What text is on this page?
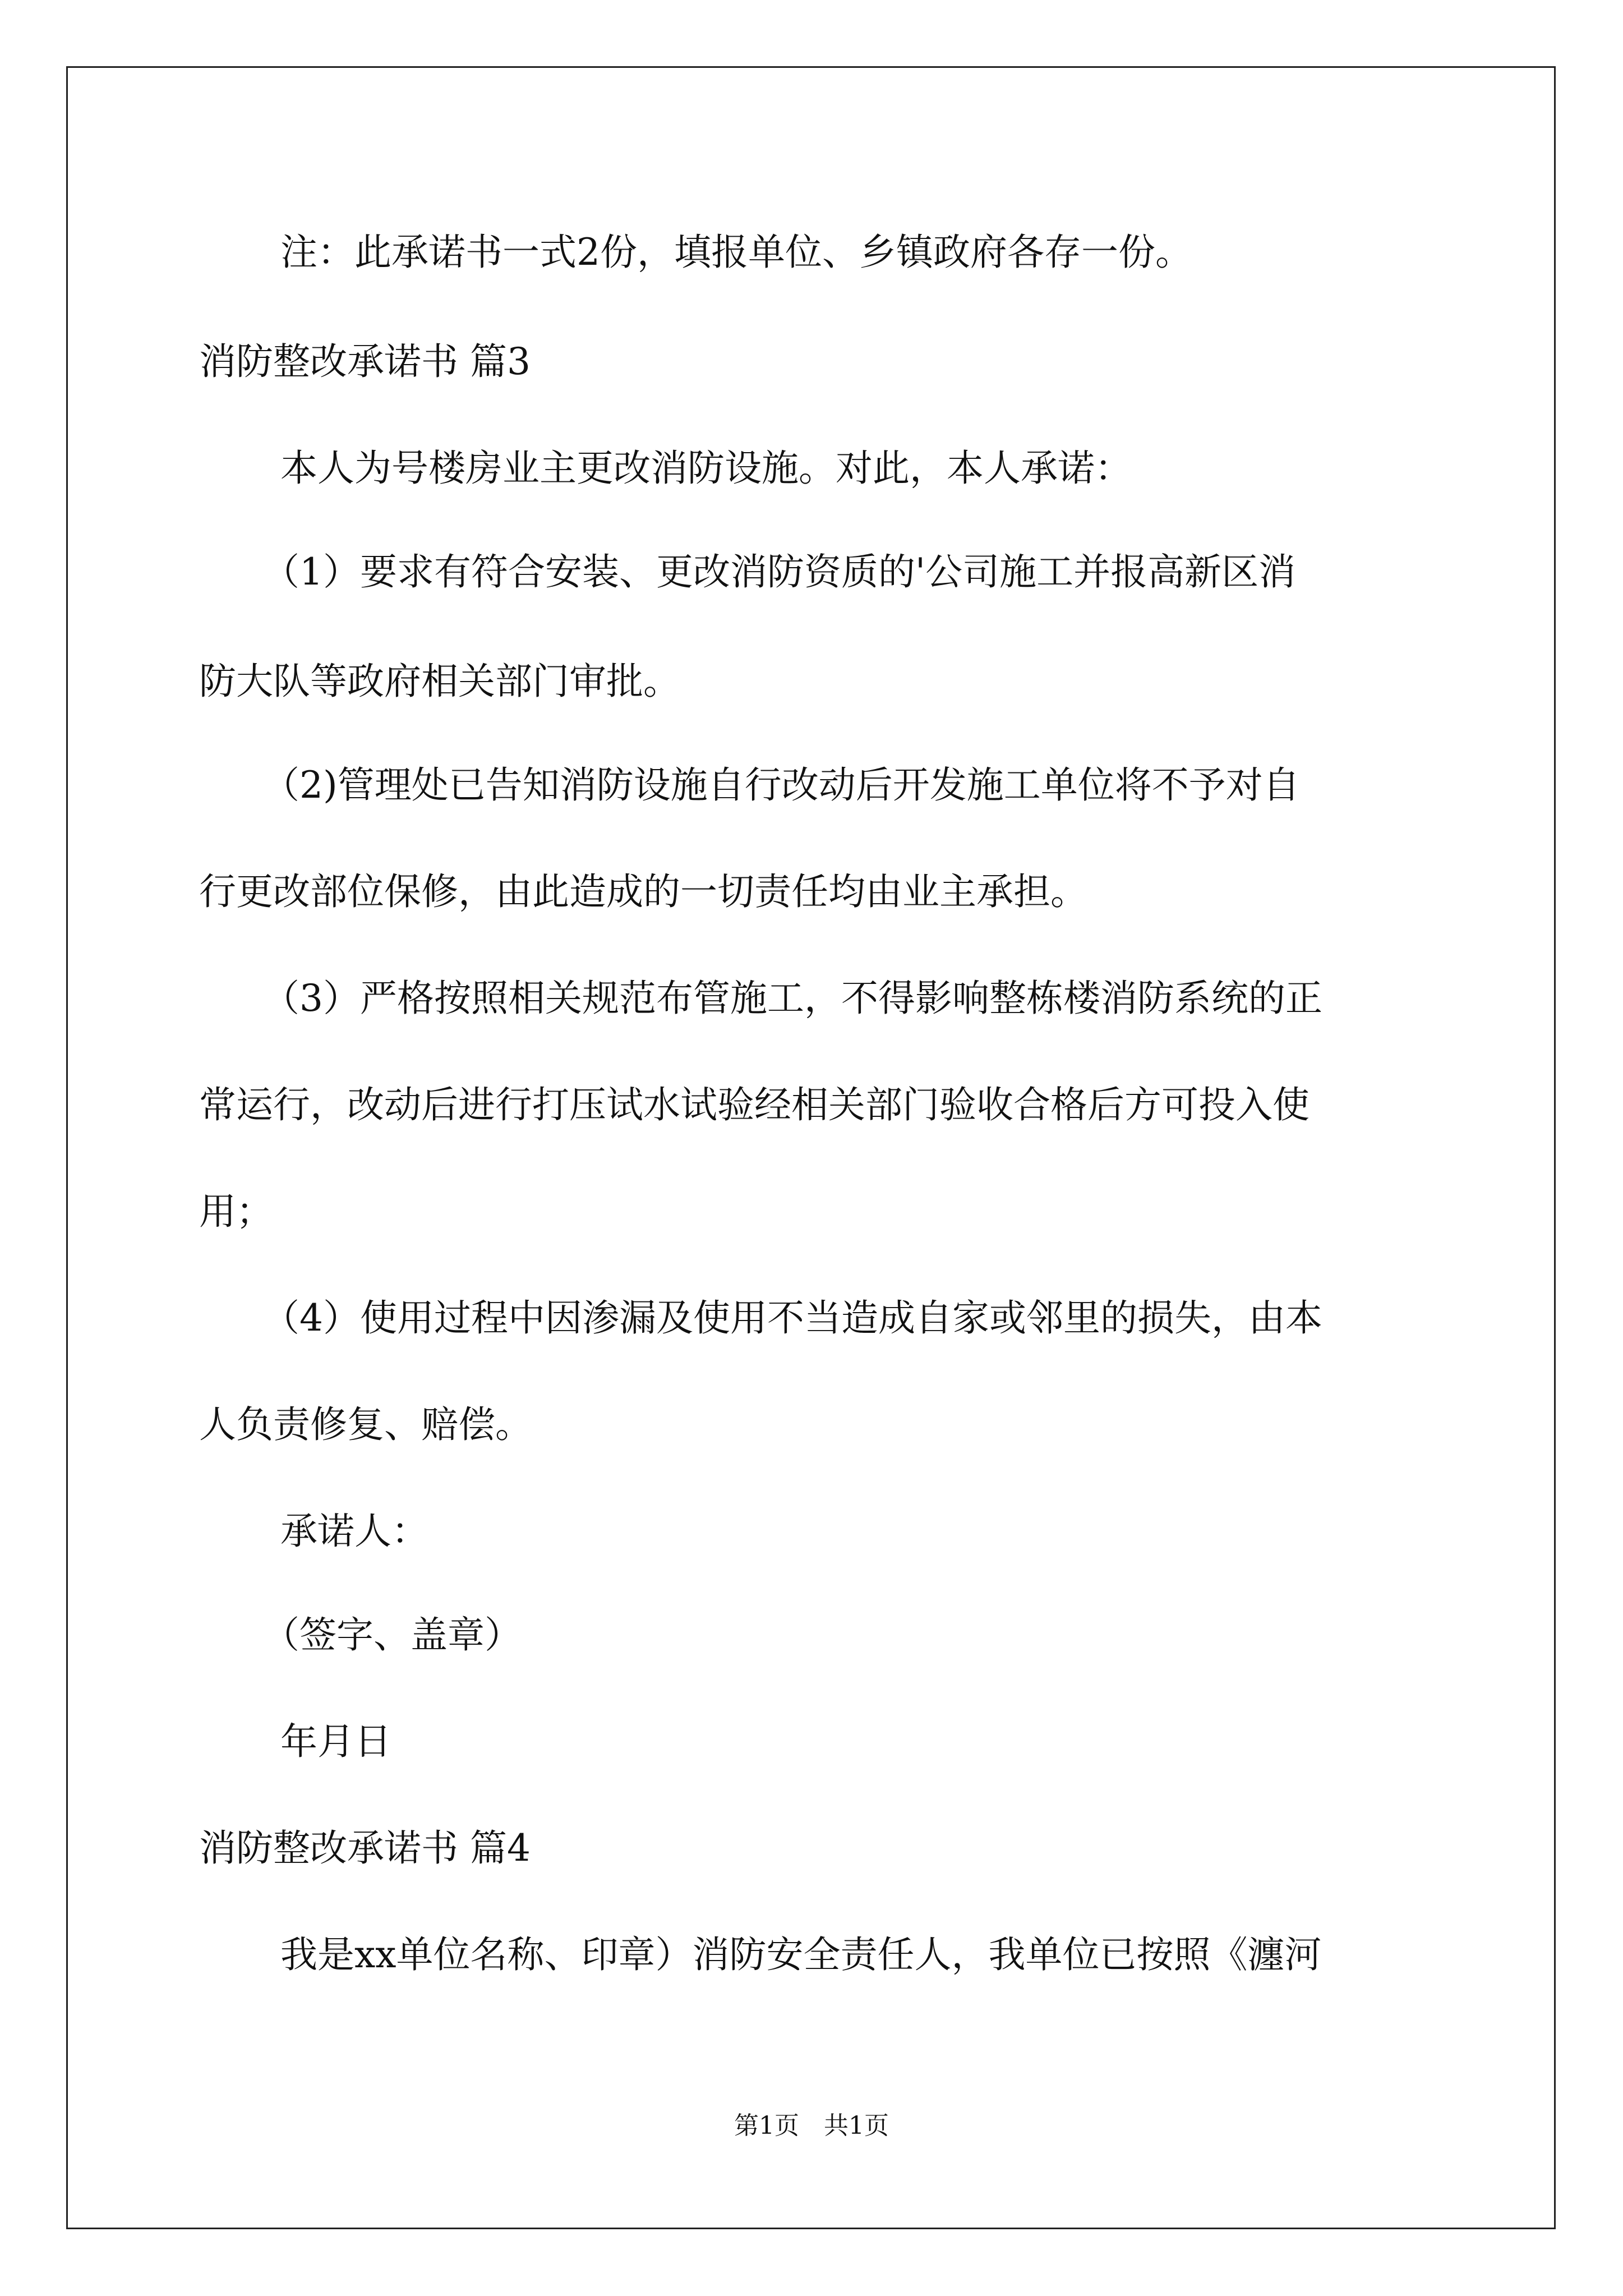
注：此承诺书一式2份，填报单位、乡镇政府各存一份。
消防整改承诺书 篇3
本人为号楼房业主更改消防设施。对此，本人承诺：
（1）要求有符合安装、更改消防资质的'公司施工并报高新区消
防大队等政府相关部门审批。
（2)管理处已告知消防设施自行改动后开发施工单位将不予对自
行更改部位保修，由此造成的一切责任均由业主承担。
（3）严格按照相关规范布管施工，不得影响整栋楼消防系统的正
常运行，改动后进行打压试水试验经相关部门验收合格后方可投入使
用；
（4）使用过程中因渗漏及使用不当造成自家或邻里的损失，由本
人负责修复、赔偿。
承诺人：
（签字、盖章）
年月日
消防整改承诺书 篇4
我是xx单位名称、印章）消防安全责任人，我单位已按照《瀍河
第1页　共1页
